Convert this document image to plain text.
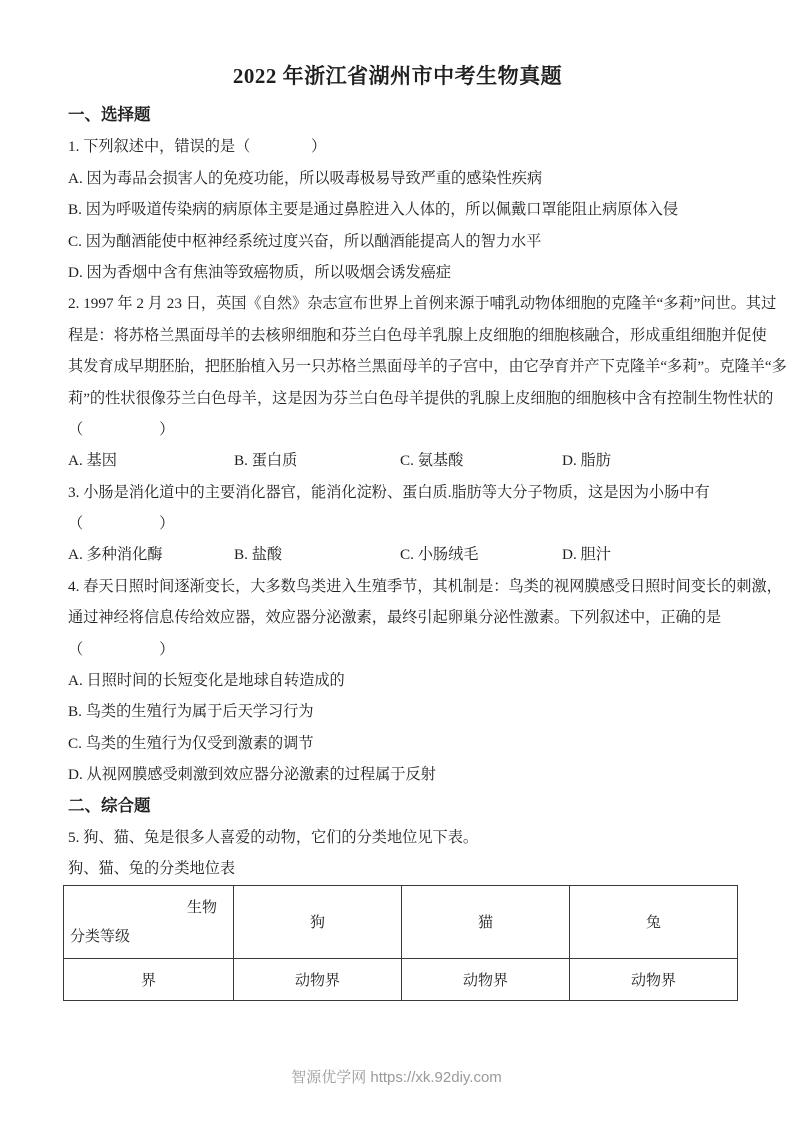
2022 年浙江省湖州市中考生物真题
一、选择题
1. 下列叙述中，错误的是（　　　　）
A. 因为毒品会损害人的免疫功能，所以吸毒极易导致严重的感染性疾病
B. 因为呼吸道传染病的病原体主要是通过鼻腔进入人体的，所以佩戴口罩能阻止病原体入侵
C. 因为酗酒能使中枢神经系统过度兴奋，所以酗酒能提高人的智力水平
D. 因为香烟中含有焦油等致癌物质，所以吸烟会诱发癌症
2. 1997 年 2 月 23 日，英国《自然》杂志宣布世界上首例来源于哺乳动物体细胞的克隆羊“多莉”问世。其过
程是：将苏格兰黑面母羊的去核卵细胞和芬兰白色母羊乳腺上皮细胞的细胞核融合，形成重组细胞并促使
其发育成早期胚胎，把胚胎植入另一只苏格兰黑面母羊的子宫中，由它孕育并产下克隆羊“多莉”。克隆羊“多
莉”的性状很像芬兰白色母羊，这是因为芬兰白色母羊提供的乳腺上皮细胞的细胞核中含有控制生物性状的
（　　　　　）
A. 基因	B. 蛋白质	C. 氨基酸	D. 脂肪
3. 小肠是消化道中的主要消化器官，能消化淀粉、蛋白质.脂肪等大分子物质，这是因为小肠中有
（　　　　　）
A. 多种消化酶	B. 盐酸	C. 小肠绒毛	D. 胆汁
4. 春天日照时间逐渐变长，大多数鸟类进入生殖季节，其机制是：鸟类的视网膜感受日照时间变长的刺激，
通过神经将信息传给效应器，效应器分泌激素，最终引起卵巢分泌性激素。下列叙述中，正确的是
（　　　　　）
A. 日照时间的长短变化是地球自转造成的
B. 鸟类的生殖行为属于后天学习行为
C. 鸟类的生殖行为仅受到激素的调节
D. 从视网膜感受刺激到效应器分泌激素的过程属于反射
二、综合题
5. 狗、猫、兔是很多人喜爱的动物，它们的分类地位见下表。
狗、猫、兔的分类地位表
生物
分类等级	狗	猫	兔
界	动物界	动物界	动物界
智源优学网 https://xk.92diy.com
